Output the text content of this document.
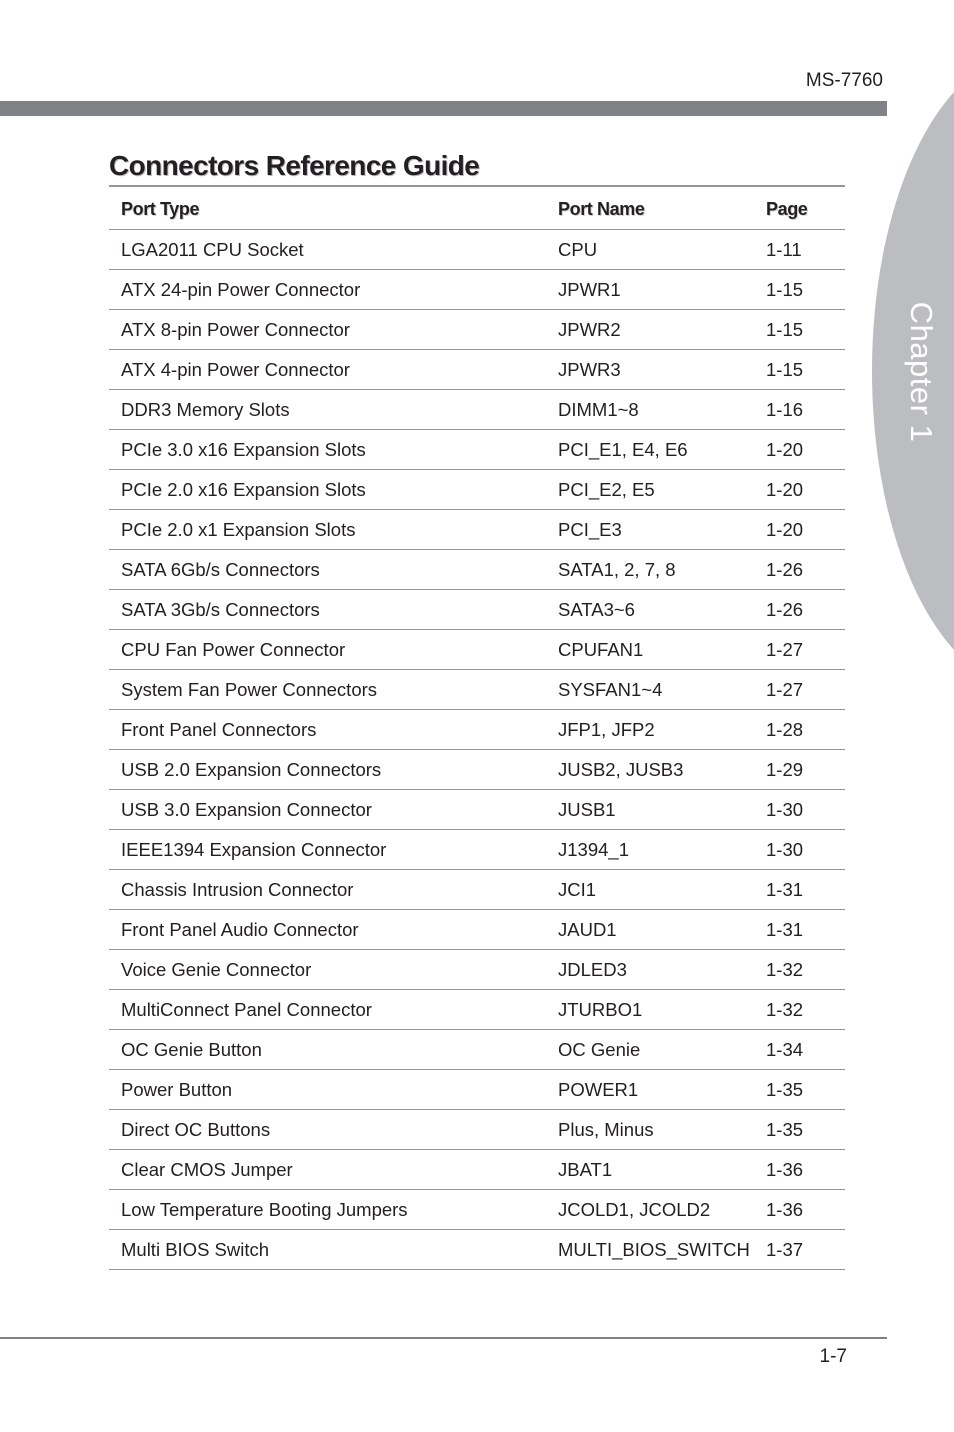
MS-7760
Chapter 1
Connectors Reference Guide
Port Type	Port Name	Page
LGA2011 CPU Socket	CPU	1-11
ATX 24-pin Power Connector	JPWR1	1-15
ATX 8-pin Power Connector	JPWR2	1-15
ATX 4-pin Power Connector	JPWR3	1-15
DDR3 Memory Slots	DIMM1~8	1-16
PCIe 3.0 x16 Expansion Slots	PCI_E1, E4, E6	1-20
PCIe 2.0 x16 Expansion Slots	PCI_E2, E5	1-20
PCIe 2.0 x1 Expansion Slots	PCI_E3	1-20
SATA 6Gb/s Connectors	SATA1, 2, 7, 8	1-26
SATA 3Gb/s Connectors	SATA3~6	1-26
CPU Fan Power Connector	CPUFAN1	1-27
System Fan Power Connectors	SYSFAN1~4	1-27
Front Panel Connectors	JFP1, JFP2	1-28
USB 2.0 Expansion Connectors	JUSB2, JUSB3	1-29
USB 3.0 Expansion Connector	JUSB1	1-30
IEEE1394 Expansion Connector	J1394_1	1-30
Chassis Intrusion Connector	JCI1	1-31
Front Panel Audio Connector	JAUD1	1-31
Voice Genie Connector	JDLED3	1-32
MultiConnect Panel Connector	JTURBO1	1-32
OC Genie Button	OC Genie	1-34
Power Button	POWER1	1-35
Direct OC Buttons	Plus, Minus	1-35
Clear CMOS Jumper	JBAT1	1-36
Low Temperature Booting Jumpers	JCOLD1, JCOLD2	1-36
Multi BIOS Switch	MULTI_BIOS_SWITCH	1-37
1-7
